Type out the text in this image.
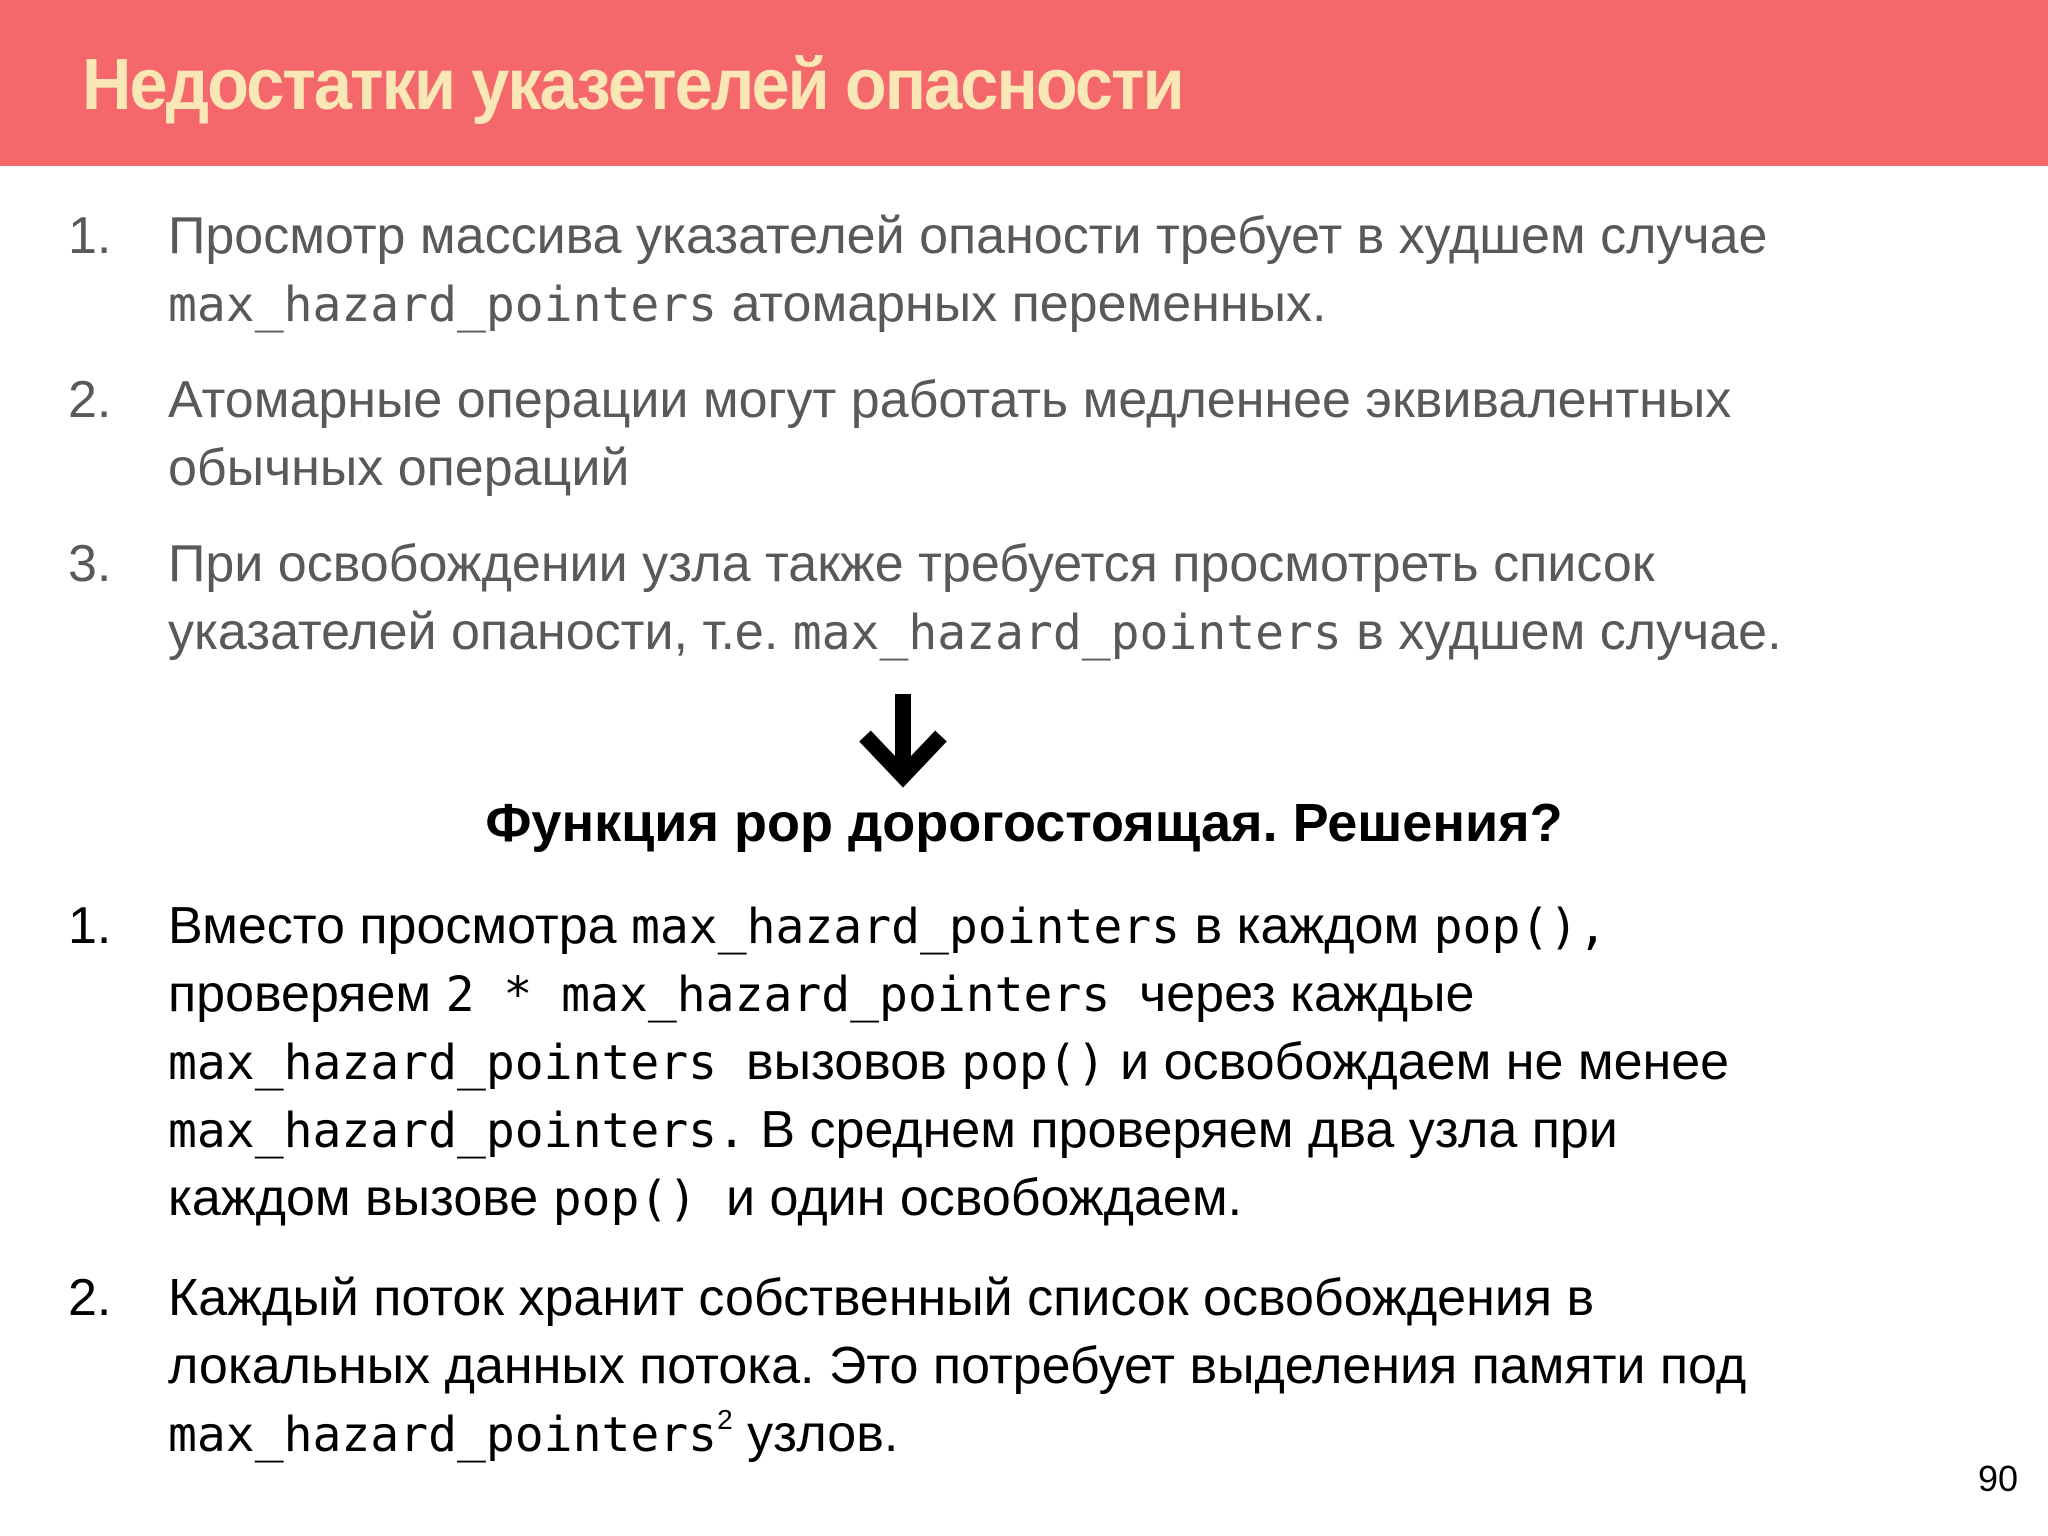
Недостатки указетелей опасности
1. Просмотр массива указателей опаности требует в худшем случае
max_hazard_pointers атомарных переменных.
2. Атомарные операции могут работать медленнее эквивалентных
обычных операций
3. При освобождении узла также требуется просмотреть список
указателей опаности, т.е. max_hazard_pointers в худшем случае.

Функция pop дорогостоящая. Решения?

1. Вместо просмотра max_hazard_pointers в каждом pop(),
проверяем 2 * max_hazard_pointers  через каждые
max_hazard_pointers  вызовов pop() и освобождаем не менее
max_hazard_pointers. В среднем проверяем два узла при
каждом вызове pop()  и один освобождаем.
2. Каждый поток хранит собственный список освобождения в
локальных данных потока. Это потребует выделения памяти под
max_hazard_pointers$^2$ узлов.
90
